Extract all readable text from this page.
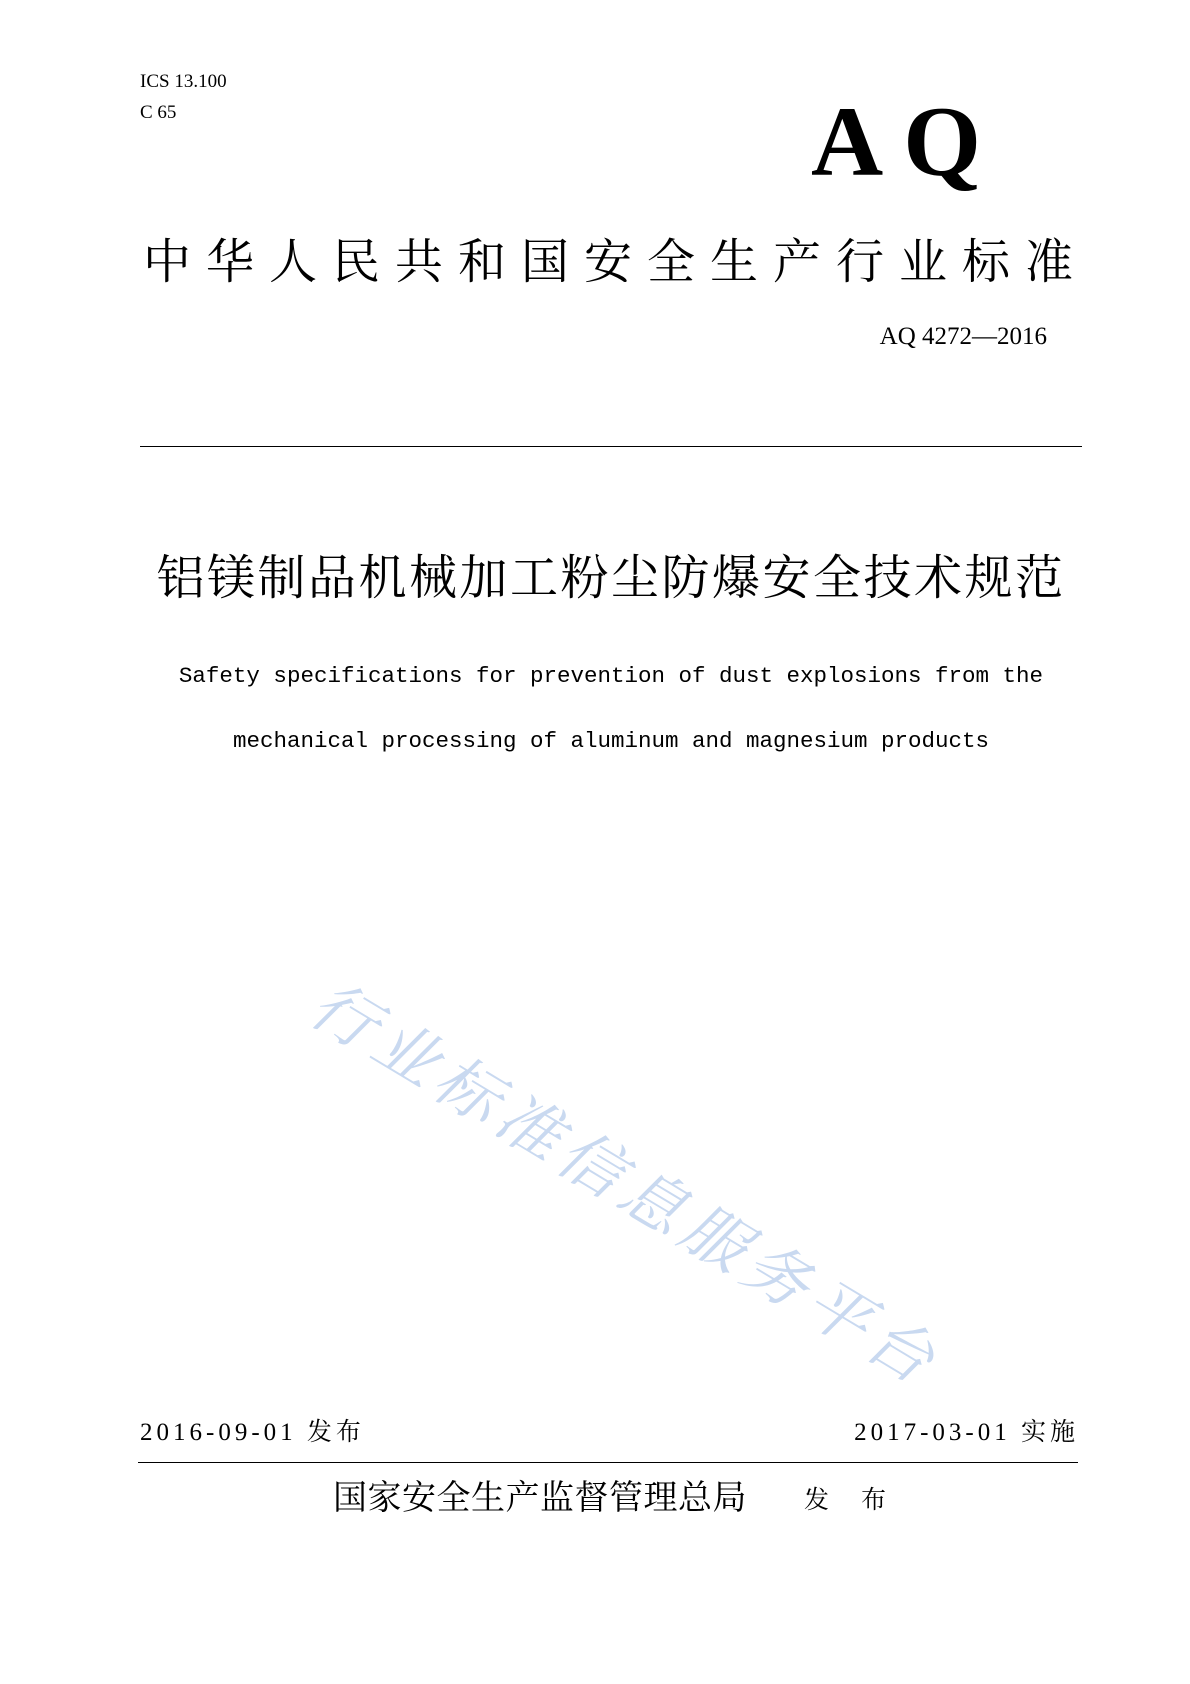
ICS 13.100
C 65	AQ
中华人民共和国安全生产行业标准
AQ 4272—2016
铝镁制品机械加工粉尘防爆安全技术规范
Safety specifications for prevention of dust explosions from the
mechanical processing of aluminum and magnesium products
行业标准信息服务平台
2016-09-01 发布	2017-03-01 实施
国家安全生产监督管理总局 发 布
